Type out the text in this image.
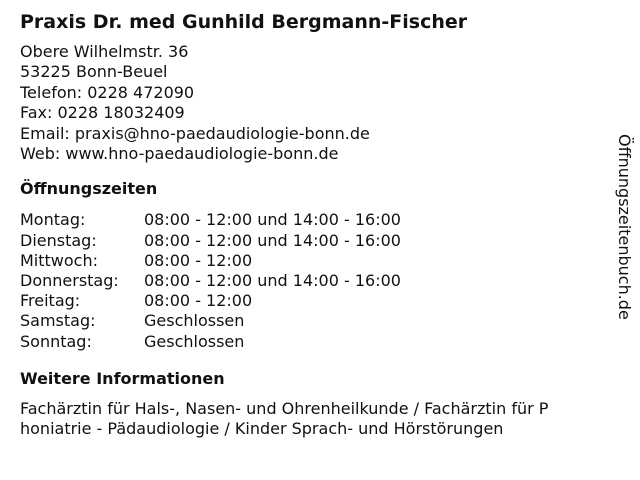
Praxis Dr. med Gunhild Bergmann-Fischer
Obere Wilhelmstr. 36
53225 Bonn-Beuel
Telefon: 0228 472090
Fax: 0228 18032409
Email: praxis@hno-paedaudiologie-bonn.de
Web: www.hno-paedaudiologie-bonn.de
Öffnungszeiten
Montag:	08:00 - 12:00 und 14:00 - 16:00
Dienstag:	08:00 - 12:00 und 14:00 - 16:00
Mittwoch:	08:00 - 12:00
Donnerstag:	08:00 - 12:00 und 14:00 - 16:00
Freitag:	08:00 - 12:00
Samstag:	Geschlossen
Sonntag:	Geschlossen
Weitere Informationen
Fachärztin für Hals-, Nasen- und Ohrenheilkunde / Fachärztin für P
honiatrie - Pädaudiologie / Kinder Sprach- und Hörstörungen
Öffnungszeitenbuch.de
